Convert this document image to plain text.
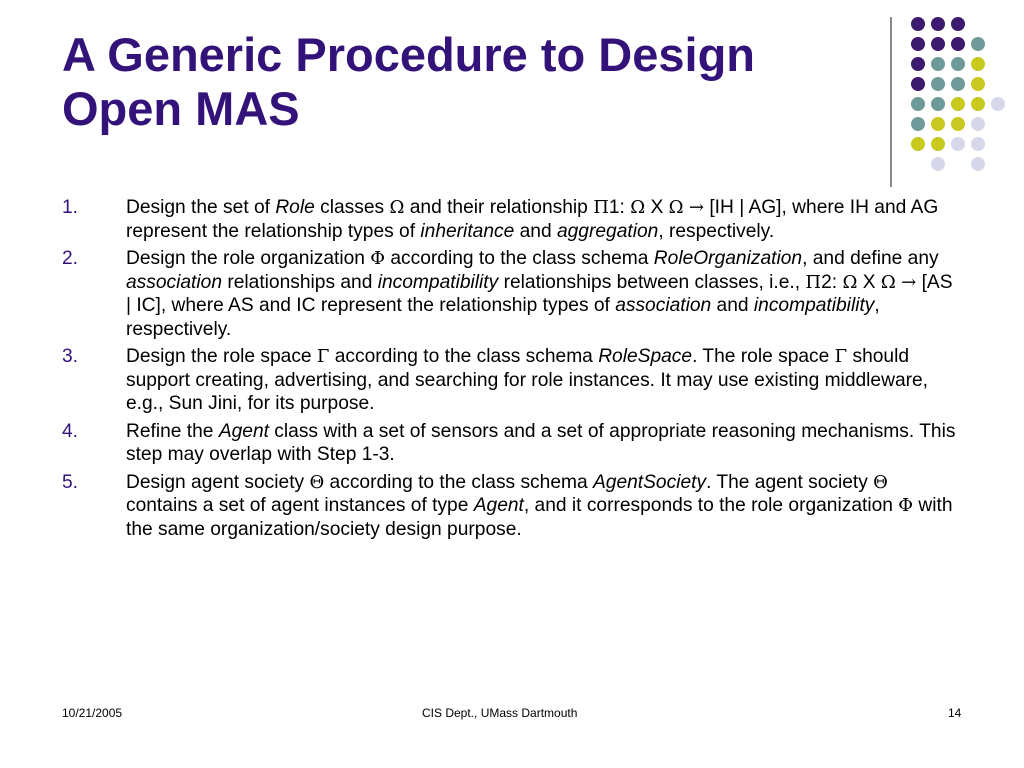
A Generic Procedure to Design
Open MAS
1. Design the set of Role classes Ω and their relationship Π1: Ω X Ω → [IH | AG], where IH and AG represent the relationship types of inheritance and aggregation, respectively.
2. Design the role organization Φ according to the class schema RoleOrganization, and define any association relationships and incompatibility relationships between classes, i.e., Π2: Ω X Ω → [AS | IC], where AS and IC represent the relationship types of association and incompatibility, respectively.
3. Design the role space Γ according to the class schema RoleSpace. The role space Γ should support creating, advertising, and searching for role instances. It may use existing middleware, e.g., Sun Jini, for its purpose.
4. Refine the Agent class with a set of sensors and a set of appropriate reasoning mechanisms. This step may overlap with Step 1-3.
5. Design agent society Θ according to the class schema AgentSociety. The agent society Θ contains a set of agent instances of type Agent, and it corresponds to the role organization Φ with the same organization/society design purpose.
10/21/2005	CIS Dept., UMass Dartmouth	14
